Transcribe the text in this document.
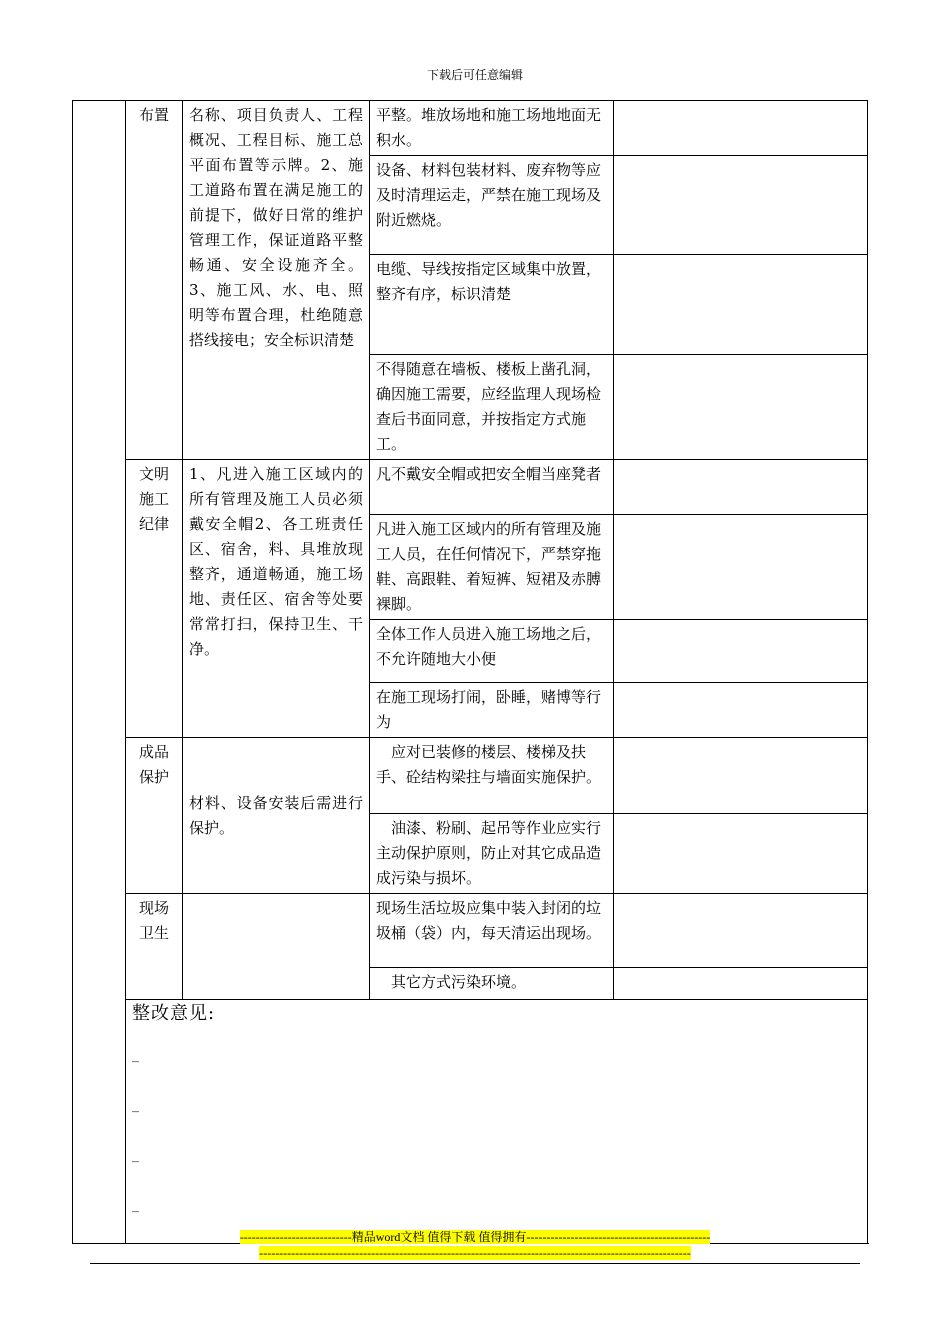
下载后可任意编辑
	布置	名称、项目负责人、工程概况、工程目标、施工总平面布置等示牌。2、施工道路布置在满足施工的前提下，做好日常的维护管理工作，保证道路平整畅通、安全设施齐全。3、施工风、水、电、照明等布置合理，杜绝随意搭线接电；安全标识清楚	平整。堆放场地和施工场地地面无积水。	
			设备、材料包装材料、废弃物等应及时清理运走，严禁在施工现场及附近燃烧。	
			电缆、导线按指定区域集中放置，整齐有序，标识清楚	
			不得随意在墙板、楼板上凿孔洞，确因施工需要，应经监理人现场检查后书面同意，并按指定方式施工。	
	文明施工纪律	1、凡进入施工区域内的所有管理及施工人员必须戴安全帽2、各工班责任区、宿舍，料、具堆放现整齐，通道畅通，施工场地、责任区、宿舍等处要常常打扫，保持卫生、干净。	凡不戴安全帽或把安全帽当座凳者	
			凡进入施工区域内的所有管理及施工人员，在任何情况下，严禁穿拖鞋、高跟鞋、着短裤、短裙及赤膊裸脚。	
			全体工作人员进入施工场地之后，不允许随地大小便	
			在施工现场打闹，卧睡，赌博等行为	
	成品保护	材料、设备安装后需进行保护。	应对已装修的楼层、楼梯及扶手、砼结构梁拄与墙面实施保护。	
			油漆、粉刷、起吊等作业应实行主动保护原则，防止对其它成品造成污染与损坏。	
	现场卫生		现场生活垃圾应集中装入封闭的垃圾桶（袋）内，每天清运出现场。	
			其它方式污染环境。	

	整改意见:
_
_
_
_			
----------------------------精品word文档 值得下载 值得拥有----------------------------------------------
------------------------------------------------------------------------------------------------------------
